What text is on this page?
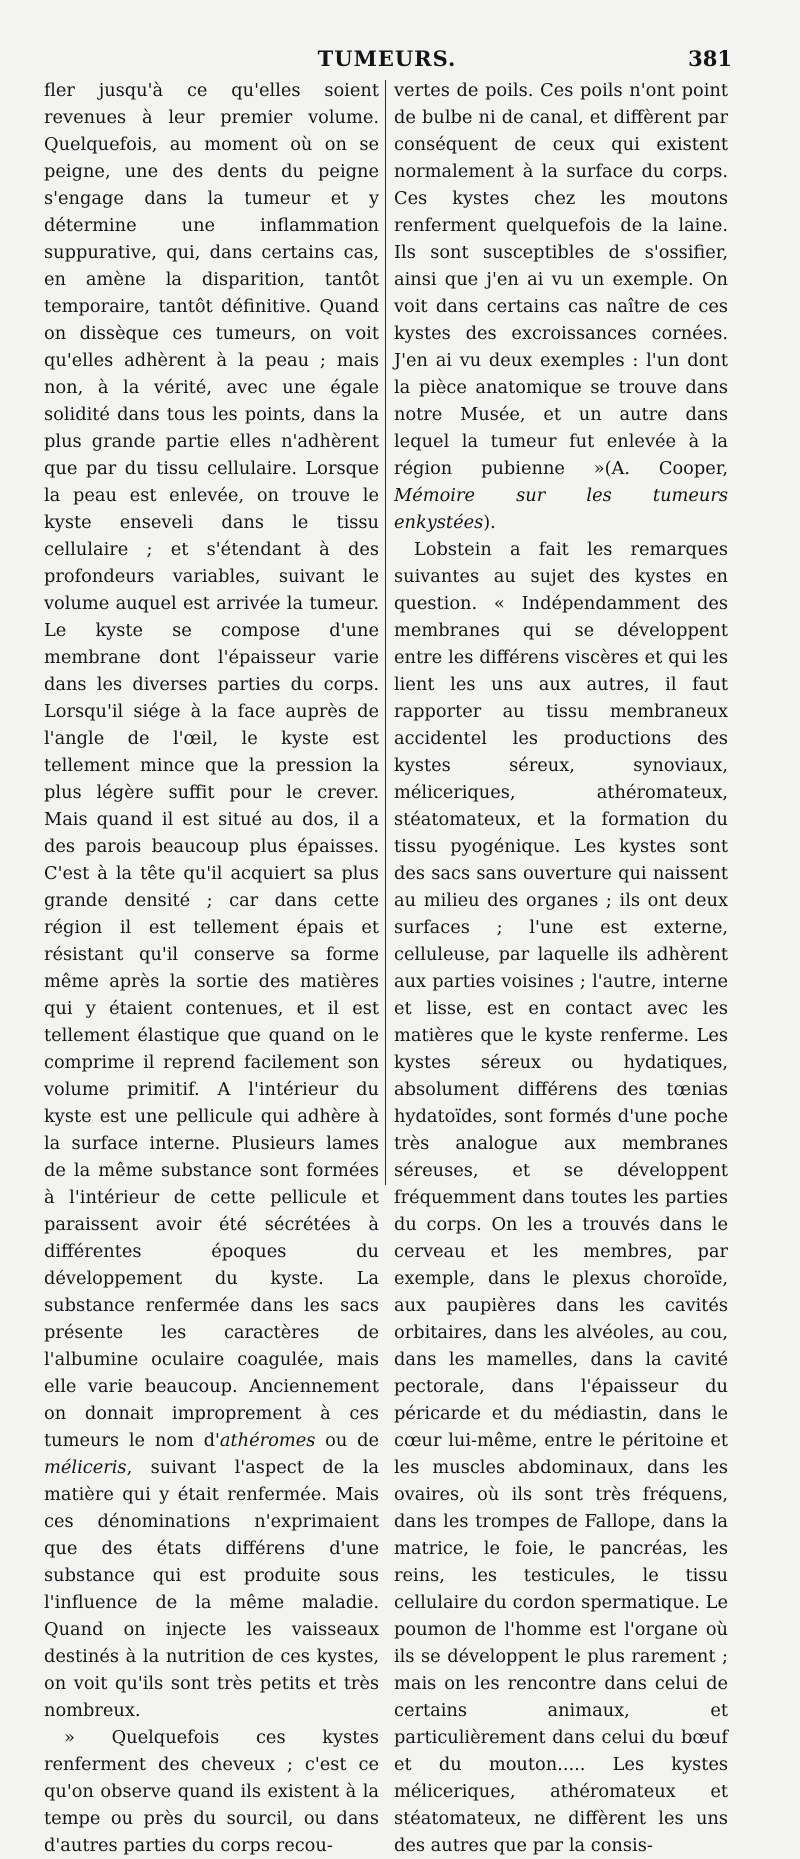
TUMEURS.	381

fler jusqu'à ce qu'elles soient revenues à leur premier volume. Quelquefois, au moment où on se peigne, une des dents du peigne s'engage dans la tumeur et y détermine une inflammation suppurative, qui, dans certains cas, en amène la disparition, tantôt temporaire, tantôt définitive. Quand on dissèque ces tumeurs, on voit qu'elles adhèrent à la peau ; mais non, à la vérité, avec une égale solidité dans tous les points, dans la plus grande partie elles n'adhèrent que par du tissu cellulaire. Lorsque la peau est enlevée, on trouve le kyste enseveli dans le tissu cellulaire ; et s'étendant à des profondeurs variables, suivant le volume auquel est arrivée la tumeur. Le kyste se compose d'une membrane dont l'épaisseur varie dans les diverses parties du corps. Lorsqu'il siége à la face auprès de l'angle de l'œil, le kyste est tellement mince que la pression la plus légère suffit pour le crever. Mais quand il est situé au dos, il a des parois beaucoup plus épaisses. C'est à la tête qu'il acquiert sa plus grande densité ; car dans cette région il est tellement épais et résistant qu'il conserve sa forme même après la sortie des matières qui y étaient contenues, et il est tellement élastique que quand on le comprime il reprend facilement son volume primitif. A l'intérieur du kyste est une pellicule qui adhère à la surface interne. Plusieurs lames de la même substance sont formées à l'intérieur de cette pellicule et paraissent avoir été sécrétées à différentes époques du développement du kyste. La substance renfermée dans les sacs présente les caractères de l'albumine oculaire coagulée, mais elle varie beaucoup. Anciennement on donnait improprement à ces tumeurs le nom d'athéromes ou de méliceris, suivant l'aspect de la matière qui y était renfermée. Mais ces dénominations n'exprimaient que des états différens d'une substance qui est produite sous l'influence de la même maladie. Quand on injecte les vaisseaux destinés à la nutrition de ces kystes, on voit qu'ils sont très petits et très nombreux.

» Quelquefois ces kystes renferment des cheveux ; c'est ce qu'on observe quand ils existent à la tempe ou près du sourcil, ou dans d'autres parties du corps recou-

vertes de poils. Ces poils n'ont point de bulbe ni de canal, et diffèrent par conséquent de ceux qui existent normalement à la surface du corps. Ces kystes chez les moutons renferment quelquefois de la laine. Ils sont susceptibles de s'ossifier, ainsi que j'en ai vu un exemple. On voit dans certains cas naître de ces kystes des excroissances cornées. J'en ai vu deux exemples : l'un dont la pièce anatomique se trouve dans notre Musée, et un autre dans lequel la tumeur fut enlevée à la région pubienne »(A. Cooper, Mémoire sur les tumeurs enkystées).

Lobstein a fait les remarques suivantes au sujet des kystes en question. « Indépendamment des membranes qui se développent entre les différens viscères et qui les lient les uns aux autres, il faut rapporter au tissu membraneux accidentel les productions des kystes séreux, synoviaux, méliceriques, athéromateux, stéatomateux, et la formation du tissu pyogénique. Les kystes sont des sacs sans ouverture qui naissent au milieu des organes ; ils ont deux surfaces ; l'une est externe, celluleuse, par laquelle ils adhèrent aux parties voisines ; l'autre, interne et lisse, est en contact avec les matières que le kyste renferme. Les kystes séreux ou hydatiques, absolument différens des tœnias hydatoïdes, sont formés d'une poche très analogue aux membranes séreuses, et se développent fréquemment dans toutes les parties du corps. On les a trouvés dans le cerveau et les membres, par exemple, dans le plexus choroïde, aux paupières dans les cavités orbitaires, dans les alvéoles, au cou, dans les mamelles, dans la cavité pectorale, dans l'épaisseur du péricarde et du médiastin, dans le cœur lui-même, entre le péritoine et les muscles abdominaux, dans les ovaires, où ils sont très fréquens, dans les trompes de Fallope, dans la matrice, le foie, le pancréas, les reins, les testicules, le tissu cellulaire du cordon spermatique. Le poumon de l'homme est l'organe où ils se développent le plus rarement ; mais on les rencontre dans celui de certains animaux, et particulièrement dans celui du bœuf et du mouton..... Les kystes méliceriques, athéromateux et stéatomateux, ne diffèrent les uns des autres que par la consis-
